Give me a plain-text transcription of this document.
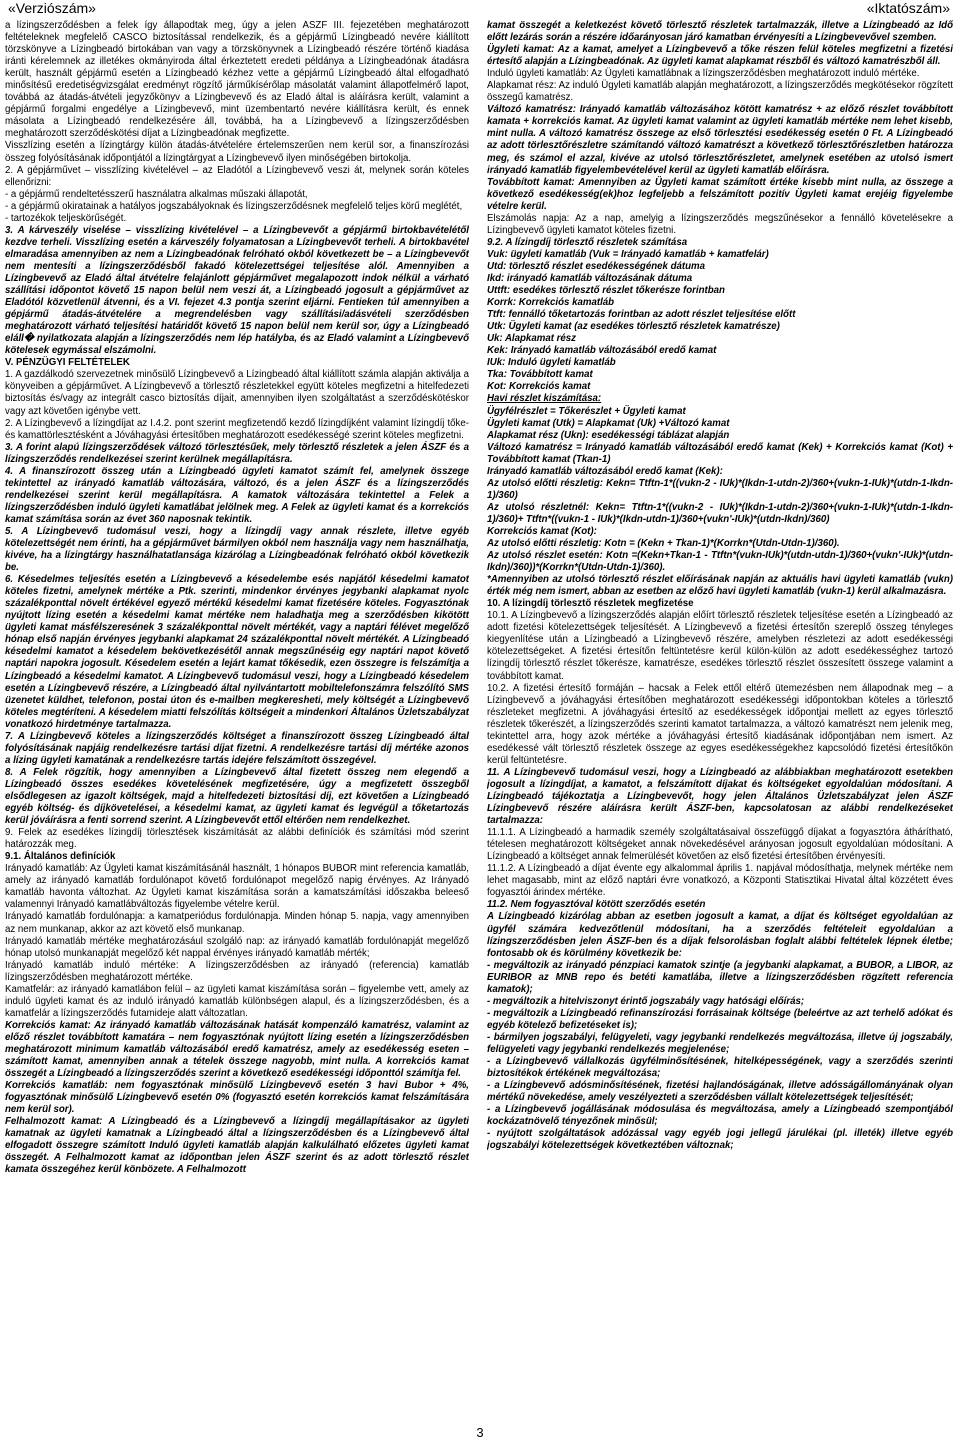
«Verziószám»	«Iktatószám»

a lízingszerződésben a felek így állapodtak meg, úgy a jelen ÁSZF III. fejezetében meghatározott feltételeknek megfelelő CASCO biztosítással rendelkezik, és a gépjármű Lízingbeadó nevére kiállított törzskönyve a Lízingbeadó birtokában van vagy a törzskönyvnek a Lízingbeadó részére történő kiadása iránti kérelemnek az illetékes okmányiroda által érkeztetett eredeti példánya a Lízingbeadónak átadásra került, használt gépjármű esetén a Lízingbeadó kézhez vette a gépjármű Lízingbeadó által elfogadható minősítésű eredetiségvizsgálat eredményt rögzítő járműkísérőlap másolatát valamint állapotfelmérő lapot, továbbá az átadás-átvételi jegyzőkönyv a Lízingbevevő és az Eladó által is aláírásra került, valamint a gépjármű forgalmi engedélye a Lízingbevevő, mint üzembentartó nevére kiállításra került, és ennek másolata a Lízingbeadó rendelkezésére áll, továbbá, ha a Lízingbevevő a lízingszerződésben meghatározott szerződéskötési díjat a Lízingbeadónak megfizette.

Visszlízing esetén a lízingtárgy külön átadás-átvételére értelemszerűen nem kerül sor, a finanszírozási összeg folyósításának időpontjától a lízingtárgyat a Lízingbevevő ilyen minőségében birtokolja.

2. A gépjárművet – visszlízing kivételével – az Eladótól a Lízingbevevő veszi át, melynek során köteles ellenőrizni:

- a gépjármű rendeltetésszerű használatra alkalmas műszaki állapotát,

- a gépjármű okiratainak a hatályos jogszabályoknak és lízingszerződésnek megfelelő teljes körű meglétét,

- tartozékok teljeskörűségét.

3. A kárveszély viselése – visszlízing kivételével – a Lízingbevevőt a gépjármű birtokbavételétől kezdve terheli. Visszlízing esetén a kárveszély folyamatosan a Lízingbevevőt terheli. A birtokbavétel elmaradása amennyiben az nem a Lízingbeadónak felróható okból következett be – a Lízingbevevőt nem mentesíti a lízingszerződésből fakadó kötelezettségei teljesítése alól. Amennyiben a Lízingbevevő az Eladó által átvételre felajánlott gépjárművet megalapozott indok nélkül a várható szállítási időpontot követő 15 napon belül nem veszi át, a Lízingbeadó jogosult a gépjárművet az Eladótól közvetlenül átvenni, és a VI. fejezet 4.3 pontja szerint eljárni. Fentieken túl amennyiben a gépjármű átadás-átvételére a megrendelésben vagy szállítási/adásvételi szerződésben meghatározott várható teljesítési határidőt követő 15 napon belül nem kerül sor, úgy a Lízingbeadó eláll� nyilatkozata alapján a lízingszerződés nem lép hatályba, és az Eladó valamint a Lízingbevevő kötelesek egymással elszámolni.

V. PÉNZÜGYI FELTÉTELEK

1. A gazdálkodó szervezetnek minősülő Lízingbevevő a Lízingbeadó által kiállított számla alapján aktiválja a könyveiben a gépjárművet. A Lízingbevevő a törlesztő részletekkel együtt köteles megfizetni a hitelfedezeti biztosítás és/vagy az integrált casco biztosítás díjait, amennyiben ilyen szolgáltatást a szerződéskötéskor vagy azt követően igénybe vett.

2. A Lízingbevevő a lízingdíjat az I.4.2. pont szerint megfizetendő kezdő lízingdíjként valamint lízingdíj tőke- és kamattörlesztésként a Jóváhagyási értesítőben meghatározott esedékességé szerint köteles megfizetni.

3. A forint alapú lízingszerződések változó törlesztésűek, mely törlesztő részletek a jelen ÁSZF és a lízingszerződés rendelkezései szerint kerülnek megállapításra.

4. A finanszírozott összeg után a Lízingbeadó ügyleti kamatot számít fel, amelynek összege tekintettel az irányadó kamatláb változására, változó, és a jelen ÁSZF és a lízingszerződés rendelkezései szerint kerül megállapításra. A kamatok változására tekintettel a Felek a lízingszerződésben induló ügyleti kamatlábat jelölnek meg. A Felek az ügyleti kamat és a korrekciós kamat számítása során az évet 360 naposnak tekintik.

5. A Lízingbevevő tudomásul veszi, hogy a lízingdíj vagy annak részlete, illetve egyéb kötelezettségét nem érinti, ha a gépjárművet bármilyen okból nem használja vagy nem használhatja, kivéve, ha a lízingtárgy használhatatlansága kizárólag a Lízingbeadónak felróható okból következik be.

6. Késedelmes teljesítés esetén a Lízingbevevő a késedelembe esés napjától késedelmi kamatot köteles fizetni, amelynek mértéke a Ptk. szerinti, mindenkor érvényes jegybanki alapkamat nyolc százalékponttal növelt értékével egyező mértékű késedelmi kamat fizetésére köteles. Fogyasztónak nyújtott lízing esetén a késedelmi kamat mértéke nem haladhatja meg a szerződésben kikötött ügyleti kamat másfélszeresének 3 százalékponttal növelt mértékét, vagy a naptári félévet megelőző hónap első napján érvényes jegybanki alapkamat 24 százalékponttal növelt mértékét. A Lízingbeadó késedelmi kamatot a késedelem bekövetkezésétől annak megszűnéséig egy naptári napot követő naptári napokra jogosult. Késedelem esetén a lejárt kamat tőkésedik, ezen összegre is felszámítja a Lízingbeadó a késedelmi kamatot. A Lízingbevevő tudomásul veszi, hogy a Lízingbeadó késedelem esetén a Lízingbevevő részére, a Lízingbeadó által nyilvántartott mobiltelefonszámra felszólító SMS üzenetet küldhet, telefonon, postai úton és e-mailben megkeresheti, mely költségét a Lízingbevevő köteles megtéríteni. A késedelem miatti felszólítás költségeit a mindenkori Általános Üzletszabályzat vonatkozó hirdetménye tartalmazza.

7. A Lízingbevevő köteles a lízingszerződés költséget a finanszírozott összeg Lízingbeadó által folyósításának napjáig rendelkezésre tartási díjat fizetni. A rendelkezésre tartási díj mértéke azonos a lízing ügyleti kamatának a rendelkezésre tartás idejére felszámított összegével.

8. A Felek rögzítik, hogy amennyiben a Lízingbevevő által fizetett összeg nem elegendő a Lízingbeadó összes esedékes követelésének megfizetésére, úgy a megfizetett összegből elsődlegesen az igazolt költségek, majd a hitelfedezeti biztosítási díj, ezt követően a Lízingbeadó egyéb költség- és díjkövetelései, a késedelmi kamat, az ügyleti kamat és legvégül a tőketartozás kerül jóváírásra a fenti sorrend szerint. A Lízingbevevőt ettől eltérően nem rendelkezhet.

9. Felek az esedékes lízingdíj törlesztések kiszámítását az alábbi definíciók és számítási mód szerint határozzák meg.

9.1. Általános definíciók

Irányadó kamatláb: Az Ügyleti kamat kiszámításánál használt, 1 hónapos BUBOR mint referencia kamatláb, amely az irányadó kamatláb fordulónapot követő fordulónapot megelőző napig érvényes. Az Irányadó kamatláb havonta változhat. Az Ügyleti kamat kiszámítása során a kamatszámítási időszakba beleeső valamennyi Irányadó kamatlábváltozás figyelembe vételre kerül.

Irányadó kamatláb fordulónapja: a kamatperiódus fordulónapja. Minden hónap 5. napja, vagy amennyiben az nem munkanap, akkor az azt követő első munkanap.

Irányadó kamatláb mértéke meghatározásául szolgáló nap: az irányadó kamatláb fordulónapját megelőző hónap utolsó munkanapját megelőző két nappal érvényes irányadó kamatláb mérték;

Irányadó kamatláb induló mértéke: A lízingszerződésben az irányadó (referencia) kamatláb lízingszerződésben meghatározott mértéke.

Kamatfelár: az irányadó kamatlábon felül – az ügyleti kamat kiszámítása során – figyelembe vett, amely az induló ügyleti kamat és az induló irányadó kamatláb különbségen alapul, és a lízingszerződésben, és a kamatfelár a lízingszerződés futamideje alatt változatlan.

Korrekciós kamat: Az irányadó kamatláb változásának hatását kompenzáló kamatrész, valamint az előző részlet továbbított kamatára – nem fogyasztónak nyújtott lízing esetén a lízingszerződésben meghatározott minimum kamatláb változásából eredő kamatrész, amely az esedékesség eseten – számított kamat, amennyiben annak a tételek összege nagyobb, mint nulla. A korrekciós kamat összegét a Lízingbeadó a lízingszerződés szerint a következő esedékességi időponttól számítja fel.

Korrekciós kamatláb: nem fogyasztónak minősülő Lízingbevevő esetén 3 havi Bubor + 4%, fogyasztónak minősülő Lízingbevevő esetén 0% (fogyasztó esetén korrekciós kamat felszámítására nem kerül sor).

Felhalmozott kamat: A Lízingbeadó és a Lízingbevevő a lízingdíj megállapításakor az ügyleti kamatnak az ügyleti kamatnak a Lízingbeadó által a lízingszerződésben és a Lízingbevevő által elfogadott összegre számított Induló ügyleti kamatláb alapján kalkulálható előzetes ügyleti kamat összegét. A Felhalmozott kamat az időpontban jelen ÁSZF szerint és az adott törlesztő részlet kamata összegéhez kerül könbözete. A Felhalmozott

kamat összegét a keletkezést követő törlesztő részletek tartalmazzák, illetve a Lízingbeadó az Idő előtt lezárás során a részére időarányosan járó kamatban érvényesíti a Lízingbevevővel szemben.

Ügyleti kamat: Az a kamat, amelyet a Lízingbevevő a tőke részen felül köteles megfizetni a fizetési értesítő alapján a Lízingbeadónak. Az ügyleti kamat alapkamat részből és változó kamatrészből áll.

Induló ügyleti kamatláb: Az Ügyleti kamatlábnak a lízingszerződésben meghatározott induló mértéke.

Alapkamat rész: Az induló Ügyleti kamatláb alapján meghatározott, a lízingszerződés megkötésekor rögzített összegű kamatrész.

Változó kamatrész: Irányadó kamatláb változásához kötött kamatrész + az előző részlet továbbított kamata + korrekciós kamat. Az ügyleti kamat valamint az ügyleti kamatláb mértéke nem lehet kisebb, mint nulla. A változó kamatrész összege az első törlesztési esedékesség esetén 0 Ft. A Lízingbeadó az adott törlesztőrészletre számítandó változó kamatrészt a következő törlesztőrészletben határozza meg, és számol el azzal, kivéve az utolsó törlesztőrészletet, amelynek esetében az utolsó ismert irányadó kamatláb figyelembevételével kerül az ügyleti kamatláb előírásra.

Továbbított kamat: Amennyiben az Ügyleti kamat számított értéke kisebb mint nulla, az összege a következő esedékesség(ek)hoz legfeljebb a felszámított pozitív Ügyleti kamat erejéig figyelembe vételre kerül.

Elszámolás napja: Az a nap, amelyig a lízingszerződés megszűnésekor a fennálló követelésekre a Lízingbevevő ügyleti kamatot köteles fizetni.

9.2. A lízingdíj törlesztő részletek számítása

Vuk: ügyleti kamatláb (Vuk = Irányadó kamatláb + kamatfelár)

Utd: törlesztő részlet esedékességének dátuma

Ikd: irányadó kamatláb változásának dátuma

Uttft: esedékes törlesztő részlet tőkerésze forintban

Korrk: Korrekciós kamatláb

Ttft: fennálló tőketartozás forintban az adott részlet teljesítése előtt

Utk: Ügyleti kamat (az esedékes törlesztő részletek kamatrésze)

Uk: Alapkamat rész

Kek: Irányadó kamatláb változásából eredő kamat

IUk: Induló ügyleti kamatláb

Tka: Továbbított kamat

Kot: Korrekciós kamat

Havi részlet kiszámítása:

Ügyfélrészlet = Tőkerészlet + Ügyleti kamat

Ügyleti kamat (Utk) = Alapkamat (Uk) +Változó kamat

Alapkamat rész (Ukn): esedékességi táblázat alapján

Változó kamatrész = Irányadó kamatláb változásából eredő kamat (Kek) + Korrekciós kamat (Kot) + Továbbított kamat (Tkan-1)

Irányadó kamatláb változásából eredő kamat (Kek):

Az utolsó előtti részletig: Kekn= Ttftn-1*((vukn-2 - IUk)*(Ikdn-1-utdn-2)/360+(vukn-1-IUk)*(utdn-1-Ikdn-1)/360)

Az utolsó részletnél: Kekn= Ttftn-1*((vukn-2 - IUk)*(Ikdn-1-utdn-2)/360+(vukn-1-IUk)*(utdn-1-Ikdn-1)/360)+ Ttftn*((vukn-1 - IUk)*(Ikdn-utdn-1)/360+(vukn'-IUk)*(utdn-Ikdn)/360)

Korrekciós kamat (Kot):

Az utolsó előtti részletig: Kotn = (Kekn + Tkan-1)*(Korrkn*(Utdn-Utdn-1)/360).

Az utolsó részlet esetén: Kotn =(Kekn+Tkan-1 - Ttftn*(vukn-IUk)*(utdn-utdn-1)/360+(vukn'-IUk)*(utdn-Ikdn)/360))*(Korrkn*(Utdn-Utdn-1)/360).

*Amennyiben az utolsó törlesztő részlet előírásának napján az aktuális havi ügyleti kamatláb (vukn) érték még nem ismert, abban az esetben az előző havi ügyleti kamatláb (vukn-1) kerül alkalmazásra.

10. A lízingdíj törlesztő részletek megfizetése

10.1. A Lízingbevevő a lízingszerződés alapján előírt törlesztő részletek teljesítése esetén a Lízingbeadó az adott fizetési kötelezettségek teljesítését. A Lízingbevevő a fizetési értesítőn szereplő összeg tényleges kiegyenlítése után a Lízingbeadó a Lízingbevevő részére, amelyben részletezi az adott esedékességi kötelezettségeket. A fizetési értesítőn feltüntetésre kerül külön-külön az adott esedékességhez tartozó lízingdíj törlesztő részlet tőkerésze, kamatrésze, esedékes törlesztő részlet összesített összege valamint a továbbított kamat.

10.2. A fizetési értesítő formáján – hacsak a Felek ettől eltérő ütemezésben nem állapodnak meg – a Lízingbevevő a jóváhagyási értesítőben meghatározott esedékességi időpontokban köteles a törlesztő részleteket megfizetni. A jóváhagyási értesítő az esedékességek időpontjai mellett az egyes törlesztő részletek tőkerészét, a lízingszerződés szerinti kamatot tartalmazza, a változó kamatrészt nem jelenik meg, tekintettel arra, hogy azok mértéke a jóváhagyási értesítő kiadásának időpontjában nem ismert. Az esedékessé vált törlesztő részletek összege az egyes esedékességekhez kapcsolódó fizetési értesítőkön kerül feltüntetésre.

11. A Lízingbevevő tudomásul veszi, hogy a Lízingbeadó az alábbiakban meghatározott esetekben jogosult a lízingdíjat, a kamatot, a felszámított díjakat és költségeket egyoldalúan módosítani. A Lízingbeadó tájékoztatja a Lízingbevevőt, hogy jelen Általános Üzletszabályzat jelen ÁSZF Lízingbevevő részére aláírásra került ÁSZF-ben, kapcsolatosan az alábbi rendelkezéseket tartalmazza:

11.1.1. A Lízingbeadó a harmadik személy szolgáltatásaival összefüggő díjakat a fogyasztóra áthárítható, tételesen meghatározott költségeket annak növekedésével arányosan jogosult egyoldalúan módosítani. A Lízingbeadó a költséget annak felmerülését követően az első fizetési értesítőben érvényesíti.

11.1.2. A Lízingbeadó a díjat évente egy alkalommal április 1. napjával módosíthatja, melynek mértéke nem lehet magasabb, mint az előző naptári évre vonatkozó, a Központi Statisztikai Hivatal által közzétett éves fogyasztói árindex mértéke.

11.2. Nem fogyasztóval kötött szerződés esetén

A Lízingbeadó kizárólag abban az esetben jogosult a kamat, a díjat és költséget egyoldalúan az ügyfél számára kedvezőtlenül módosítani, ha a szerződés feltételeit egyoldalúan a lízingszerződésben jelen ÁSZF-ben és a díjak felsorolásban foglalt alábbi feltételek lépnek életbe; fontosabb ok és körülmény következik be:

- megváltozik az irányadó pénzpiaci kamatok szintje (a jegybanki alapkamat, a BUBOR, a LIBOR, az EURIBOR az MNB repo és betéti kamatlába, illetve a lízingszerződésben rögzített referencia kamatok);

- megváltozik a hitelviszonyt érintő jogszabály vagy hatósági előírás;

- megváltozik a Lízingbeadó refinanszírozási forrásainak költsége (beleértve az azt terhelő adókat és egyéb kötelező befizetéseket is);

- bármilyen jogszabályi, felügyeleti, vagy jegybanki rendelkezés megváltozása, illetve új jogszabály, felügyeleti vagy jegybanki rendelkezés megjelenése;

- a Lízingbevevő vállalkozás ügyfélminősítésének, hitelképességének, vagy a szerződés szerinti biztosítékok értékének megváltozása;

- a Lízingbevevő adósminősítésének, fizetési hajlandóságának, illetve adósságállományának olyan mértékű növekedése, amely veszélyezteti a szerződésben vállalt kötelezettségek teljesítését;

- a Lízingbevevő jogállásának módosulása és megváltozása, amely a Lízingbeadó szempontjából kockázatnövelő tényezőnek minősül;

- nyújtott szolgáltatások adózással vagy egyéb jogi jellegű járulékai (pl. illeték) illetve egyéb jogszabályi kötelezettségek következtében változnak;

3
